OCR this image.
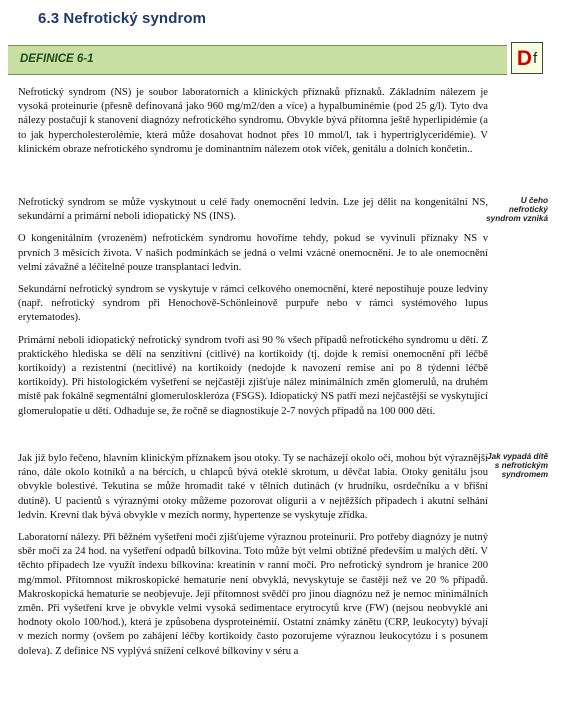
6.3 Nefrotický syndrom
DEFINICE 6-1	D f

Nefrotický syndrom (NS) je soubor laboratorních a klinických příznaků příznaků. Základním nálezem je vysoká proteinurie (přesně definovaná jako 960 mg/m2/den a více) a hypalbuminémie (pod 25 g/l). Tyto dva nálezy postačují k stanovení diagnózy nefrotického syndromu. Obvykle bývá přítomna ještě hyperlipidémie (a to jak hypercholesterolémie, která může dosahovat hodnot přes 10 mmol/l, tak i hypertriglyceridémie). V klinickém obraze nefrotického syndromu je dominantním nálezem otok víček, genitálu a dolních končetin..

U čeho nefrotický syndrom vzniká

Nefrotický syndrom se může vyskytnout u celé řady onemocnění ledvin. Lze jej dělit na kongenitální NS, sekundární a primární neboli idiopatický NS (INS).

O kongenitálním (vrozeném) nefrotickém syndromu hovoříme tehdy, pokud se vyvinuli příznaky NS v prvních 3 měsících života. V našich podmínkách se jedná o velmi vzácné onemocnění. Je to ale onemocnění velmi závažné a léčitelné pouze transplantací ledvin.

Sekundární nefrotický syndrom se vyskytuje v rámci celkového onemocnění, které nepostihuje pouze ledviny (např. nefrotický syndrom při Henochově-Schönleinově purpuře nebo v rámci systémového lupus erytematodes).

Primární neboli idiopatický nefrotický syndrom tvoří asi 90 % všech případů nefrotického syndromu u dětí. Z praktického hlediska se dělí na senzitivní (citlivé) na kortikoidy (tj. dojde k remisi onemocnění při léčbě kortikoidy) a rezistentní (necitlivé) na kortikoidy (nedojde k navození remise ani po 8 týdenní léčbě kortikoidy). Při histologickém vyšetření se nejčastěji zjišťuje nález minimálních změn glomerulů, na druhém místě pak fokálně segmentální glomeruloskleróza (FSGS). Idiopatický NS patří mezi nejčastější se vyskytující glomerulopatie u dětí. Odhaduje se, že ročně se diagnostikuje 2-7 nových případů na 100 000 dětí.

Jak vypadá dítě s nefrotickým syndromem

Jak již bylo řečeno, hlavním klinickým příznakem jsou otoky. Ty se nacházejí okolo očí, mohou být výraznější ráno, dále okolo kotníků a na bércích, u chlapců bývá oteklé skrotum, u děvčat labia. Otoky genitálu jsou obvykle bolestivé. Tekutina se může hromadit také v tělních dutinách (v hrudníku, osrdečníku a v břišní dutině). U pacientů s výraznými otoky můžeme pozorovat oligurii a v nejtěžších případech i akutní selhání ledvin. Krevní tlak bývá obvykle v mezích normy, hypertenze se vyskytuje zřídka.

Laboratorní nálezy. Při běžném vyšetření moči zjišťujeme výraznou proteinurii. Pro potřeby diagnózy je nutný sběr moči za 24 hod. na vyšetření odpadů bílkovina. Toto může být velmi obtížné především u malých dětí. V těchto případech lze využít indexu bílkovina: kreatinin v ranní moči. Pro nefrotický syndrom je hranice 200 mg/mmol. Přítomnost mikroskopické hematurie není obvyklá, nevyskytuje se častěji než ve 20 % případů. Makroskopická hematurie se neobjevuje. Její přítomnost svědčí pro jinou diagnózu než je nemoc minimálních změn. Při vyšetření krve je obvykle velmi vysoká sedimentace erytrocytů krve (FW) (nejsou neobvyklé ani hodnoty okolo 100/hod.), která je způsobena dysproteinémií. Ostatní známky zánětu (CRP, leukocyty) bývají v mezích normy (ovšem po zahájení léčby kortikoidy často pozorujeme výraznou leukocytózu i s posunem doleva). Z definice NS vyplývá snížení celkové bílkoviny v séru a
